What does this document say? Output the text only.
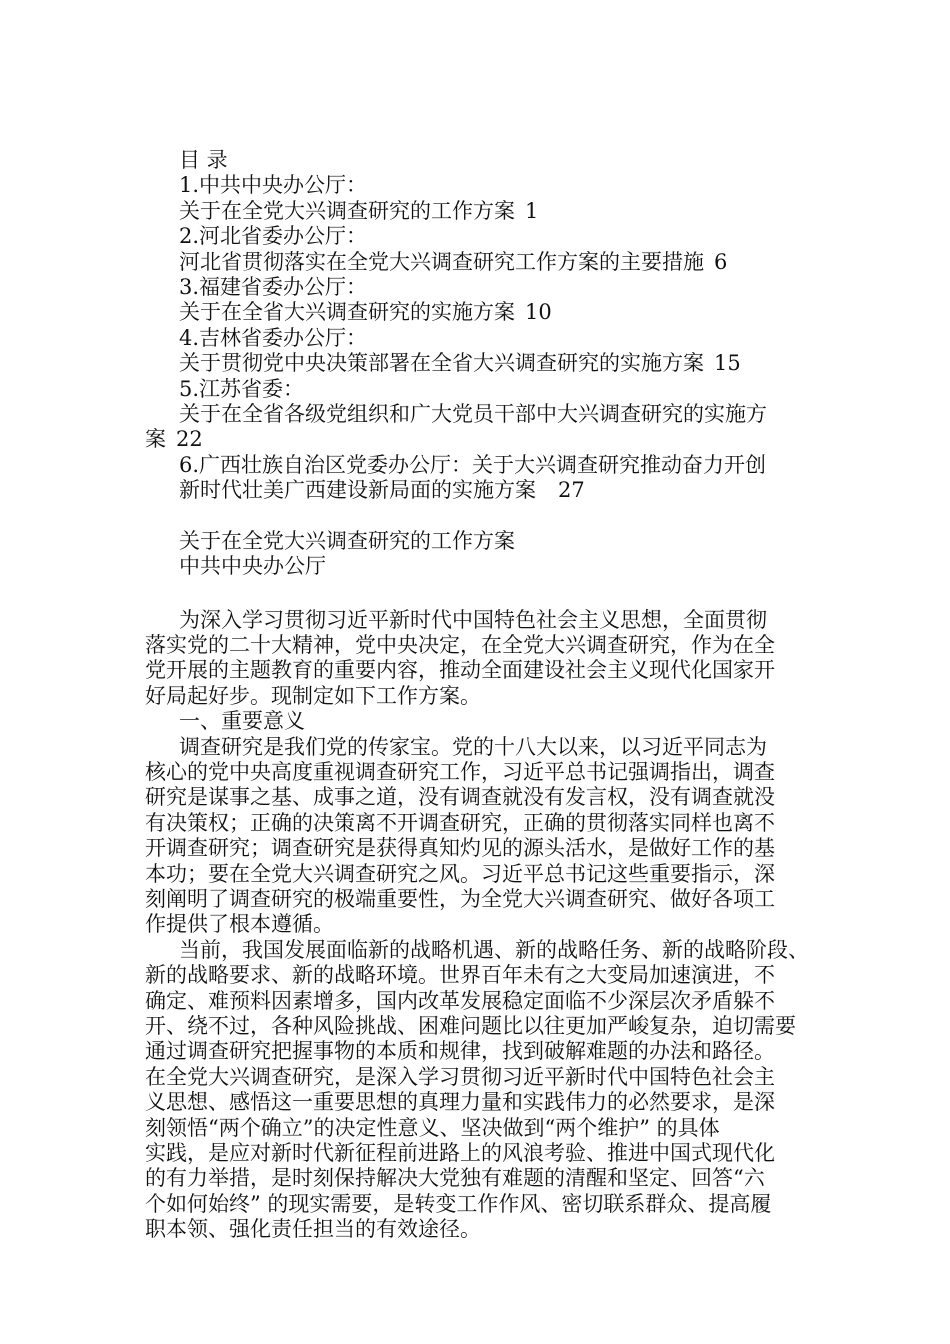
目 录
1.中共中央办公厅：
关于在全党大兴调查研究的工作方案 1
2.河北省委办公厅：
河北省贯彻落实在全党大兴调查研究工作方案的主要措施 6
3.福建省委办公厅：
关于在全省大兴调查研究的实施方案 10
4.吉林省委办公厅：
关于贯彻党中央决策部署在全省大兴调查研究的实施方案 15
5.江苏省委：
关于在全省各级党组织和广大党员干部中大兴调查研究的实施方
案 22
6.广西壮族自治区党委办公厅：关于大兴调查研究推动奋力开创
新时代壮美广西建设新局面的实施方案 27
关于在全党大兴调查研究的工作方案
中共中央办公厅
为深入学习贯彻习近平新时代中国特色社会主义思想，全面贯彻
落实党的二十大精神，党中央决定，在全党大兴调查研究，作为在全
党开展的主题教育的重要内容，推动全面建设社会主义现代化国家开
好局起好步。现制定如下工作方案。
一、重要意义
调查研究是我们党的传家宝。党的十八大以来，以习近平同志为
核心的党中央高度重视调查研究工作，习近平总书记强调指出，调查
研究是谋事之基、成事之道，没有调查就没有发言权，没有调查就没
有决策权；正确的决策离不开调查研究，正确的贯彻落实同样也离不
开调查研究；调查研究是获得真知灼见的源头活水，是做好工作的基
本功；要在全党大兴调查研究之风。习近平总书记这些重要指示，深
刻阐明了调查研究的极端重要性，为全党大兴调查研究、做好各项工
作提供了根本遵循。
当前，我国发展面临新的战略机遇、新的战略任务、新的战略阶段、
新的战略要求、新的战略环境。世界百年未有之大变局加速演进，不
确定、难预料因素增多，国内改革发展稳定面临不少深层次矛盾躲不
开、绕不过，各种风险挑战、困难问题比以往更加严峻复杂，迫切需要
通过调查研究把握事物的本质和规律，找到破解难题的办法和路径。
在全党大兴调查研究，是深入学习贯彻习近平新时代中国特色社会主
义思想、感悟这一重要思想的真理力量和实践伟力的必然要求，是深
刻领悟“两个确立”的决定性意义、坚决做到“两个维护” 的具体
实践，是应对新时代新征程前进路上的风浪考验、推进中国式现代化
的有力举措，是时刻保持解决大党独有难题的清醒和坚定、回答“六
个如何始终” 的现实需要，是转变工作作风、密切联系群众、提高履
职本领、强化责任担当的有效途径。
